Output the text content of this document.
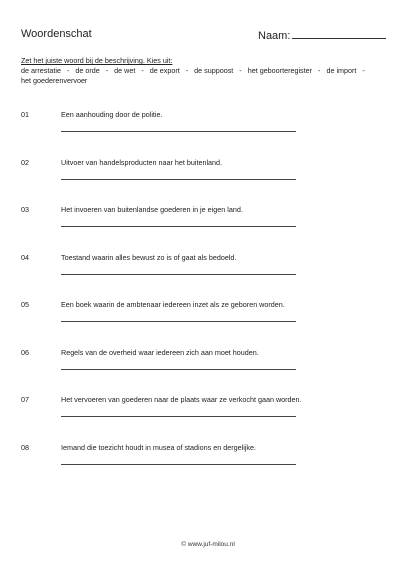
Woordenschat	Naam:
Zet het juiste woord bij de beschrijving. Kies uit:
de arrestatie - de orde - de wet - de export - de suppoost - het geboorteregister - de import -
het goederenvervoer
01	Een aanhouding door de politie.
02	Uitvoer van handelsproducten naar het buitenland.
03	Het invoeren van buitenlandse goederen in je eigen land.
04	Toestand waarin alles bewust zo is of gaat als bedoeld.
05	Een boek waarin de ambtenaar iedereen inzet als ze geboren worden.
06	Regels van de overheid waar iedereen zich aan moet houden.
07	Het vervoeren van goederen naar de plaats waar ze verkocht gaan worden.
08	Iemand die toezicht houdt in musea of stadions en dergelijke.
© www.juf-milou.nl
